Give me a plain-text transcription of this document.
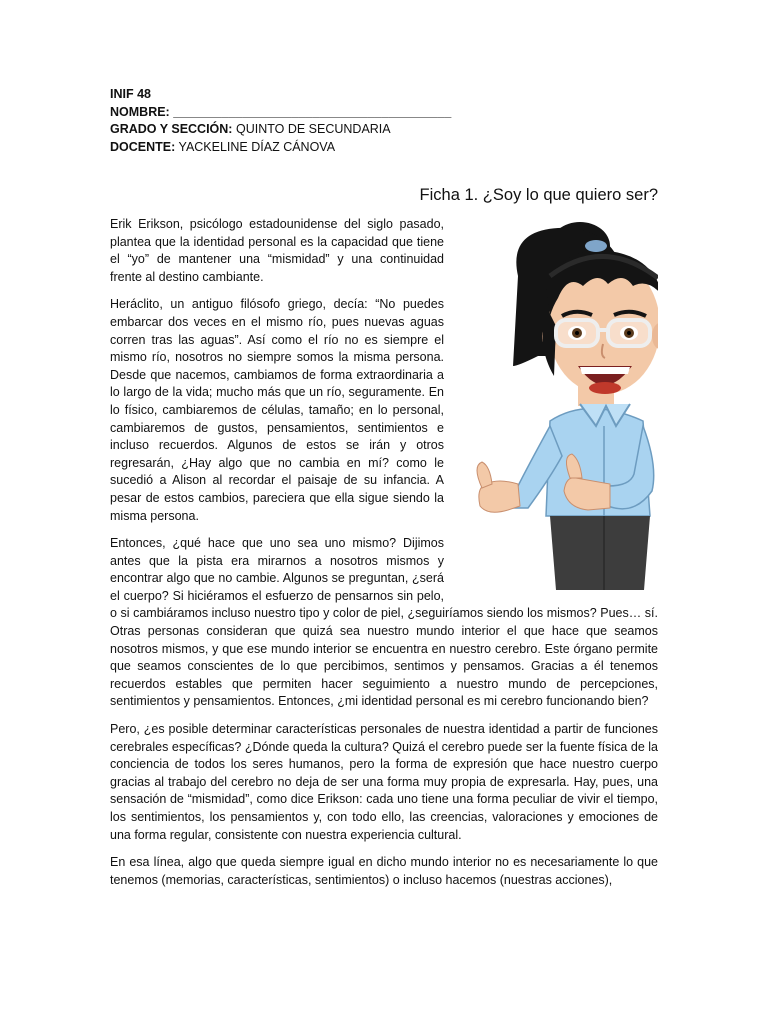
INIF 48
NOMBRE: ________________________________________
GRADO Y SECCIÓN: QUINTO DE SECUNDARIA
DOCENTE: YACKELINE DÍAZ CÁNOVA
Ficha 1. ¿Soy lo que quiero ser?

Erik Erikson, psicólogo estadounidense del siglo pasado, plantea que la identidad personal es la capacidad que tiene el “yo” de mantener una “mismidad” y una continuidad frente al destino cambiante.

Heráclito, un antiguo filósofo griego, decía: “No puedes embarcar dos veces en el mismo río, pues nuevas aguas corren tras las aguas”. Así como el río no es siempre el mismo río, nosotros no siempre somos la misma persona. Desde que nacemos, cambiamos de forma extraordinaria a lo largo de la vida; mucho más que un río, seguramente. En lo físico, cambiaremos de células, tamaño; en lo personal, cambiaremos de gustos, pensamientos, sentimientos e incluso recuerdos. Algunos de estos se irán y otros regresarán, ¿Hay algo que no cambia en mí? como le sucedió a Alison al recordar el paisaje de su infancia. A pesar de estos cambios, pareciera que ella sigue siendo la misma persona.

Entonces, ¿qué hace que uno sea uno mismo? Dijimos antes que la pista era mirarnos a nosotros mismos y encontrar algo que no cambie. Algunos se preguntan, ¿será el cuerpo? Si hiciéramos el esfuerzo de pensarnos sin pelo, o si cambiáramos incluso nuestro tipo y color de piel, ¿seguiríamos siendo los mismos? Pues… sí. Otras personas consideran que quizá sea nuestro mundo interior el que hace que seamos nosotros mismos, y que ese mundo interior se encuentra en nuestro cerebro. Este órgano permite que seamos conscientes de lo que percibimos, sentimos y pensamos. Gracias a él tenemos recuerdos estables que permiten hacer seguimiento a nuestro mundo de percepciones, sentimientos y pensamientos. Entonces, ¿mi identidad personal es mi cerebro funcionando bien?

Pero, ¿es posible determinar características personales de nuestra identidad a partir de funciones cerebrales específicas? ¿Dónde queda la cultura? Quizá el cerebro puede ser la fuente física de la conciencia de todos los seres humanos, pero la forma de expresión que hace nuestro cuerpo gracias al trabajo del cerebro no deja de ser una forma muy propia de expresarla. Hay, pues, una sensación de “mismidad”, como dice Erikson: cada uno tiene una forma peculiar de vivir el tiempo, los sentimientos, los pensamientos y, con todo ello, las creencias, valoraciones y emociones de una forma regular, consistente con nuestra experiencia cultural.

En esa línea, algo que queda siempre igual en dicho mundo interior no es necesariamente lo que tenemos (memorias, características, sentimientos) o incluso hacemos (nuestras acciones),
